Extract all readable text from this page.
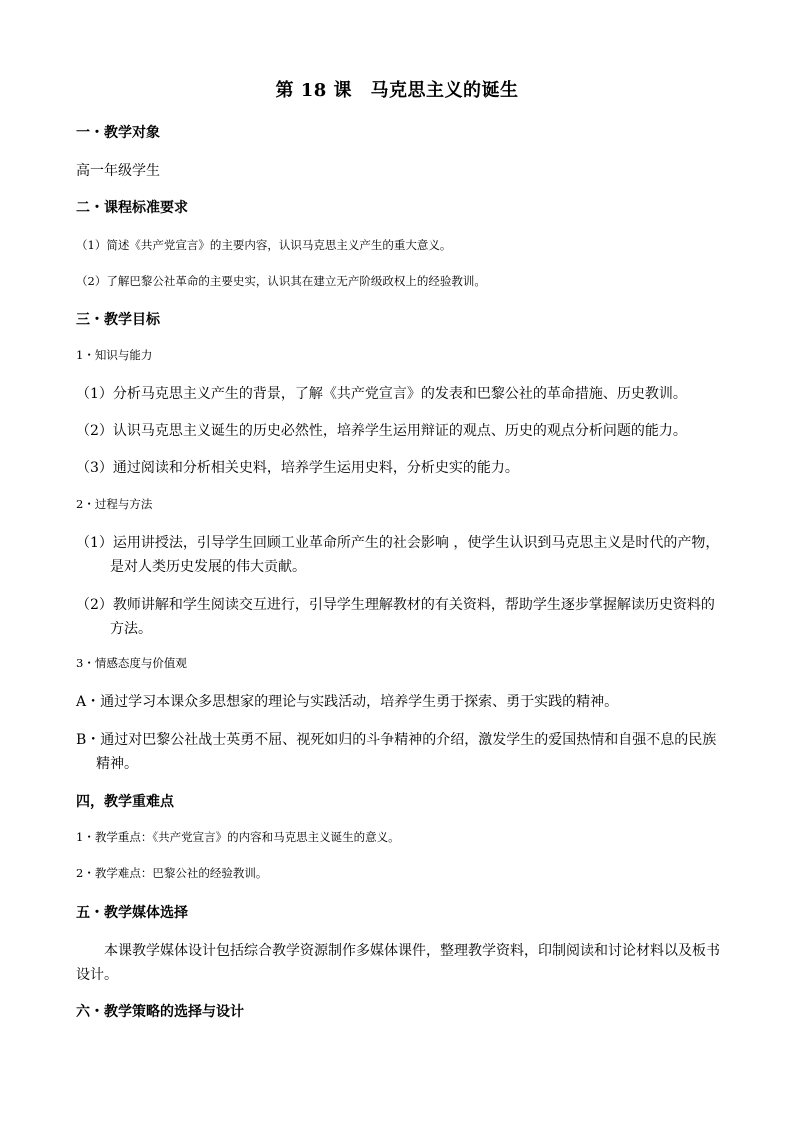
第 18 课　马克思主义的诞生
一・教学对象
高一年级学生
二・课程标准要求
（1）简述《共产党宣言》的主要内容，认识马克思主义产生的重大意义。
（2）了解巴黎公社革命的主要史实，认识其在建立无产阶级政权上的经验教训。
三・教学目标
1・知识与能力
（1）分析马克思主义产生的背景，了解《共产党宣言》的发表和巴黎公社的革命措施、历史教训。
（2）认识马克思主义诞生的历史必然性，培养学生运用辩证的观点、历史的观点分析问题的能力。
（3）通过阅读和分析相关史料，培养学生运用史料，分析史实的能力。
2・过程与方法
（1）运用讲授法，引导学生回顾工业革命所产生的社会影响 ，使学生认识到马克思主义是时代的产物，
是对人类历史发展的伟大贡献。
（2）教师讲解和学生阅读交互进行，引导学生理解教材的有关资料，帮助学生逐步掌握解读历史资料的
方法。
3・情感态度与价值观
A・通过学习本课众多思想家的理论与实践活动，培养学生勇于探索、勇于实践的精神。
B・通过对巴黎公社战士英勇不屈、视死如归的斗争精神的介绍，激发学生的爱国热情和自强不息的民族
精神。
四，教学重难点
1・教学重点：《共产党宣言》的内容和马克思主义诞生的意义。
2・教学难点：巴黎公社的经验教训。
五・教学媒体选择
本课教学媒体设计包括综合教学资源制作多媒体课件，整理教学资料，印制阅读和讨论材料以及板书
设计。
六・教学策略的选择与设计
